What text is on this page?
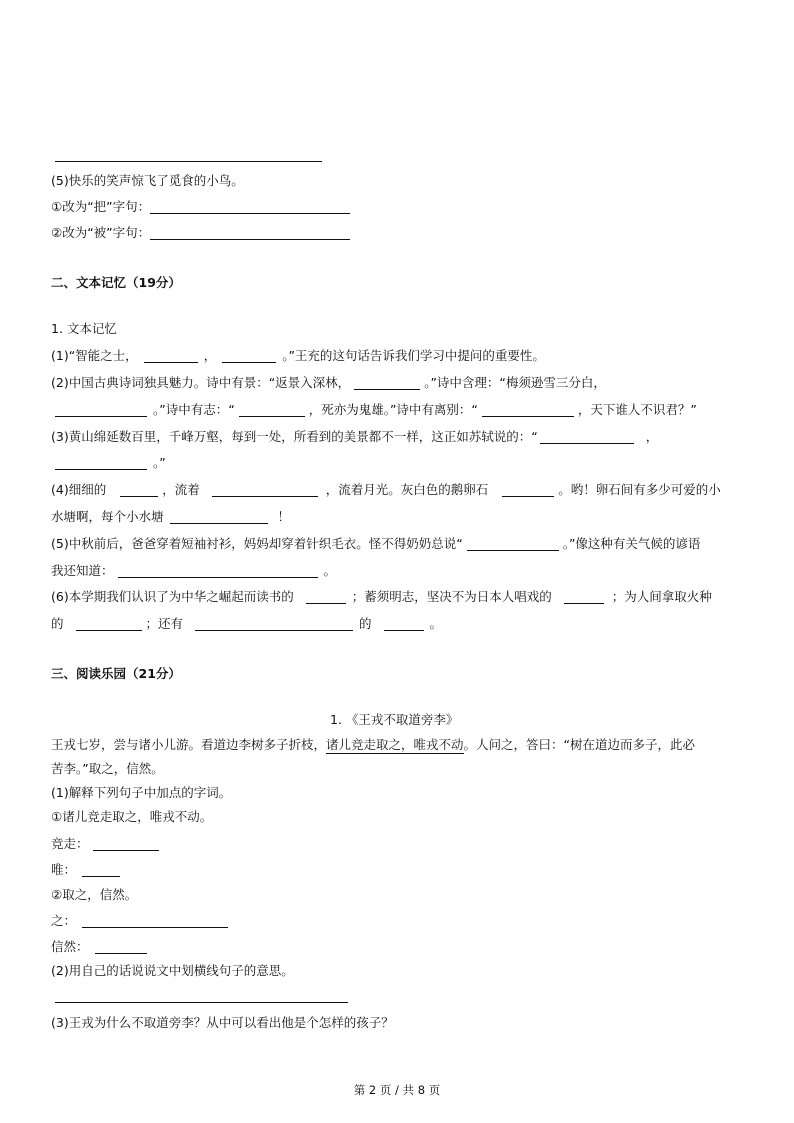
(5)快乐的笑声惊飞了觅食的小鸟。
①改为“把”字句：
②改为“被”字句：
二、文本记忆（19分）
1. 文本记忆
(1)“智能之士，	，	。”王充的这句话告诉我们学习中提问的重要性。
(2)中国古典诗词独具魅力。诗中有景：“返景入深林，	。”诗中含理：“梅须逊雪三分白，
。”诗中有志：“	，死亦为鬼雄。”诗中有离别：“	，天下谁人不识君？”
(3)黄山绵延数百里，千峰万壑，每到一处，所看到的美景都不一样，这正如苏轼说的：“	，
。”
(4)细细的	，流着	，流着月光。灰白色的鹅卵石	。哟！卵石间有多少可爱的小
水塘啊，每个小水塘	！
(5)中秋前后，爸爸穿着短袖衬衫，妈妈却穿着针织毛衣。怪不得奶奶总说“	。”像这种有关气候的谚语
我还知道：	。
(6)本学期我们认识了为中华之崛起而读书的	；蓄须明志，坚决不为日本人唱戏的	；为人间拿取火种
的	；还有	的	。
三、阅读乐园（21分）
1. 《王戎不取道旁李》
王戎七岁，尝与诸小儿游。看道边李树多子折枝，诸儿竞走取之，唯戎不动。人问之，答曰：“树在道边而多子，此必
苦李。”取之，信然。
(1)解释下列句子中加点的字词。
①诸儿竞走取之，唯戎不动。
竞走：
唯：
②取之，信然。
之：
信然：
(2)用自己的话说说文中划横线句子的意思。
(3)王戎为什么不取道旁李？从中可以看出他是个怎样的孩子？
第 2 页 / 共 8 页
